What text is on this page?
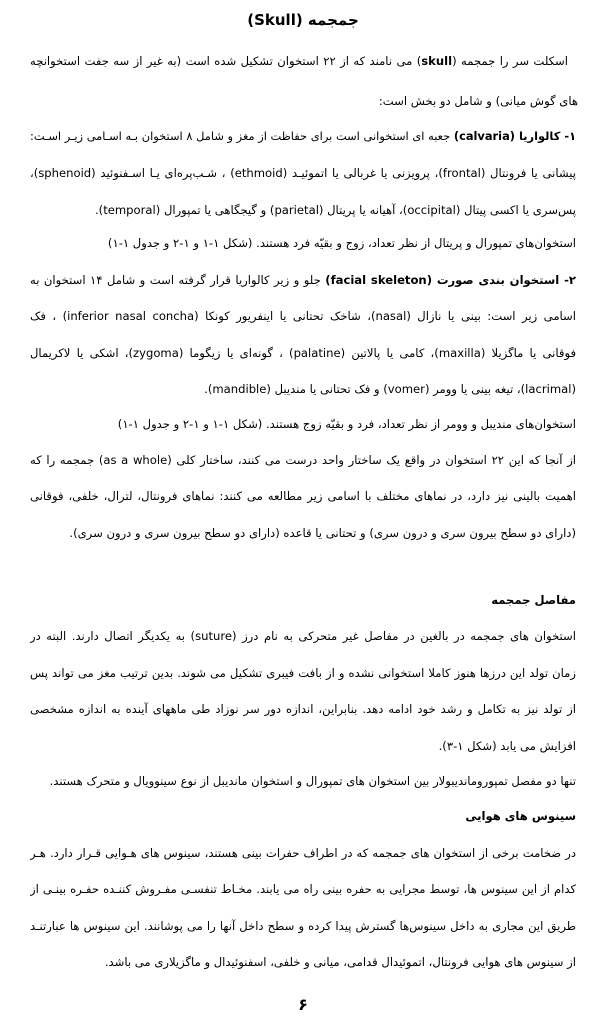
جمجمه (Skull)
اسکلت سر را جمجمه (skull) می نامند که از ۲۲ استخوان تشکیل شده است (به غیر از سه جفت استخوانچه
های گوش میانی) و شامل دو بخش است:
۱- کالواریا (calvaria) جعبه ای استخوانی است برای حفاظت از مغز و شامل ۸ استخوان بـه اسـامی زیـر اسـت:
پیشانی یا فرونتال (frontal)، پرویزنی یا غربالی یا اتموئیـد (ethmoid) ، شـب‌پره‌ای یـا اسـفنوئید (sphenoid)،
پس‌سری یا اکسی پیتال (occipital)، آهیانه یا پریتال (parietal) و گیجگاهی یا تمپورال (temporal).
استخوان‌های تمپورال و پریتال از نظر تعداد، زوج و بقیّه فرد هستند. (شکل ۱-۱ و ۱-۲ و جدول ۱-۱)
۲- استخوان بندی صورت (facial skeleton) جلو و زیر کالواریا قرار گرفته است و شامل ۱۴ استخوان به
اسامی زیر است: بینی یا نازال (nasal)، شاخک تحتانی یا اینفریور کونکا (inferior nasal concha) ، فک
فوقانی یا ماگزیلا (maxilla)، کامی یا پالاتین (palatine) ، گونه‌ای یا زیگوما (zygoma)، اشکی یا لاکریمال
(lacrimal)، تیغه بینی یا وومر (vomer) و فک تحتانی یا مندیبل (mandible).
استخوان‌های مندیبل و وومر از نظر تعداد، فرد و بقیّه زوج هستند. (شکل ۱-۱ و ۱-۲ و جدول ۱-۱)
از آنجا که این ۲۲ استخوان در واقع یک ساختار واحد درست می کنند، ساختار کلی (as a whole) جمجمه را که
اهمیت بالینی نیز دارد، در نماهای مختلف با اسامی زیر مطالعه می کنند: نماهای فرونتال، لترال، خلفی، فوقانی
(دارای دو سطح بیرون سری و درون سری) و تحتانی یا قاعده (دارای دو سطح بیرون سری و درون سری).
مفاصل جمجمه
استخوان های جمجمه در بالغین در مفاصل غیر متحرکی به نام درز (suture) به یکدیگر اتصال دارند. البته در
زمان تولد این درزها هنوز کاملا استخوانی نشده و از بافت فیبری تشکیل می شوند. بدین ترتیب مغز می تواند پس
از تولد نیز به تکامل و رشد خود ادامه دهد. بنابراین، اندازه دور سر نوزاد طی ماههای آینده به اندازه مشخصی
افزایش می یابد (شکل ۱-۳).
تنها دو مفصل تمپوروماندیبولار بین استخوان های تمپورال و استخوان ماندیبل از نوع سینوویال و متحرک هستند.
سینوس های هوایی
در ضخامت برخی از استخوان های جمجمه که در اطراف حفرات بینی هستند، سینوس های هـوایی قـرار دارد. هـر
کدام از این سینوس ها، توسط مجرایی به حفره بینی راه می یابند. مخـاط تنفسـی مفـروش کننـده حفـره بینـی از
طریق این مجاری به داخل سینوس‌ها گسترش پیدا کرده و سطح داخل آنها را می پوشانند. این سینوس ها عبارتنـد
از سینوس های هوایی فرونتال، اتموئیدال قدامی، میانی و خلفی، اسفنوئیدال و ماگزیلاری می باشد.
۶
